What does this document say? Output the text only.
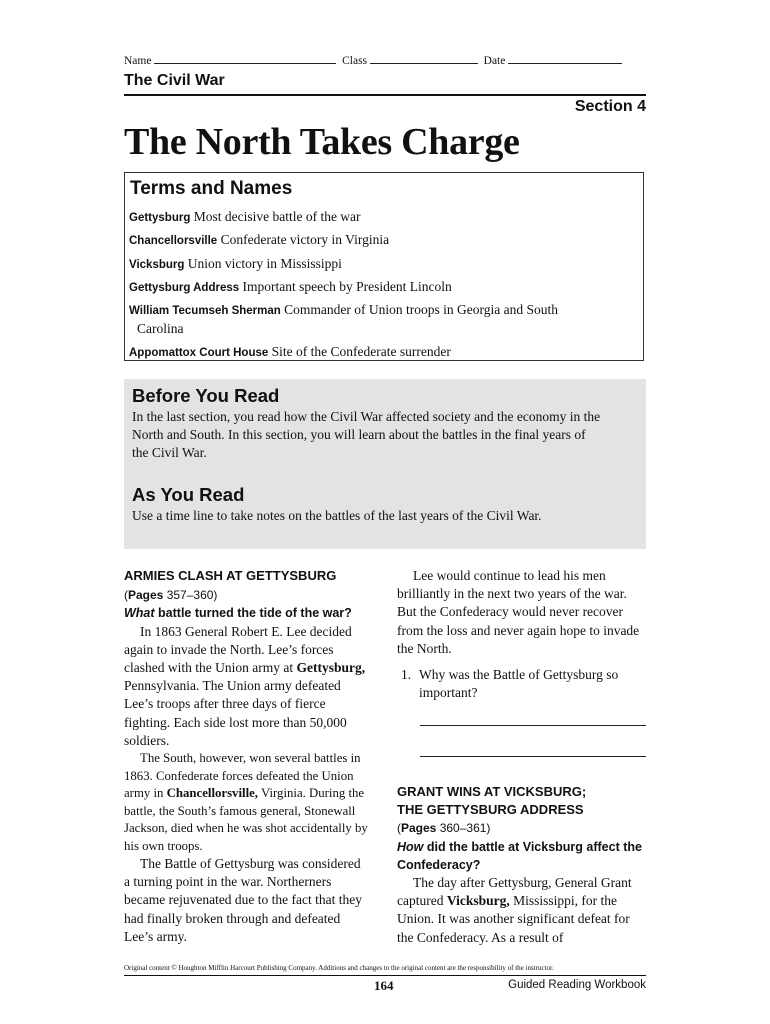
Name	Class	Date
The Civil War
Section 4
The North Takes Charge
Terms and Names
Gettysburg Most decisive battle of the war
Chancellorsville Confederate victory in Virginia
Vicksburg Union victory in Mississippi
Gettysburg Address Important speech by President Lincoln
William Tecumseh Sherman Commander of Union troops in Georgia and South
Carolina
Appomattox Court House Site of the Confederate surrender
Before You Read
In the last section, you read how the Civil War affected society and the economy in the North and South. In this section, you will learn about the battles in the final years of the Civil War.
As You Read
Use a time line to take notes on the battles of the last years of the Civil War.
ARMIES CLASH AT GETTYSBURG
(Pages 357–360)
What battle turned the tide of the war?

In 1863 General Robert E. Lee decided again to invade the North. Lee’s forces clashed with the Union army at Gettysburg, Pennsylvania. The Union army defeated Lee’s troops after three days of fierce fighting. Each side lost more than 50,000 soldiers.

The South, however, won several battles in 1863. Confederate forces defeated the Union army in Chancellorsville, Virginia. During the battle, the South’s famous general, Stonewall Jackson, died when he was shot accidentally by his own troops.

The Battle of Gettysburg was considered a turning point in the war. Northerners became rejuvenated due to the fact that they had finally broken through and defeated Lee’s army.

Lee would continue to lead his men brilliantly in the next two years of the war. But the Confederacy would never recover from the loss and never again hope to invade the North.

1. Why was the Battle of Gettysburg so important?
GRANT WINS AT VICKSBURG;
THE GETTYSBURG ADDRESS
(Pages 360–361)
How did the battle at Vicksburg affect the Confederacy?

The day after Gettysburg, General Grant captured Vicksburg, Mississippi, for the Union. It was another significant defeat for the Confederacy. As a result of

Original content © Houghton Mifflin Harcourt Publishing Company. Additions and changes to the original content are the responsibility of the instructor.
164	Guided Reading Workbook
